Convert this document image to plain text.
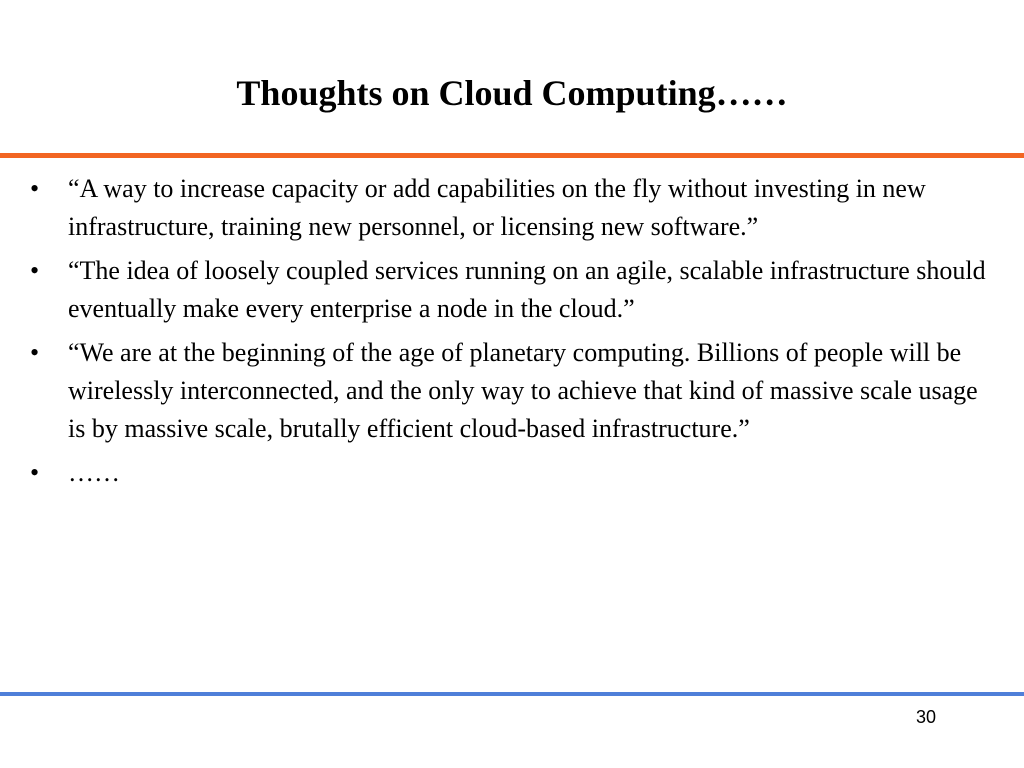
Thoughts on Cloud Computing……
•	“A way to increase capacity or add capabilities on the fly without investing in new infrastructure, training new personnel, or licensing new software.”
•	“The idea of loosely coupled services running on an agile, scalable infrastructure should eventually make every enterprise a node in the cloud.”
•	“We are at the beginning of the age of planetary computing. Billions of people will be wirelessly interconnected, and the only way to achieve that kind of massive scale usage is by massive scale, brutally efficient cloud-based infrastructure.”
•	……
30
